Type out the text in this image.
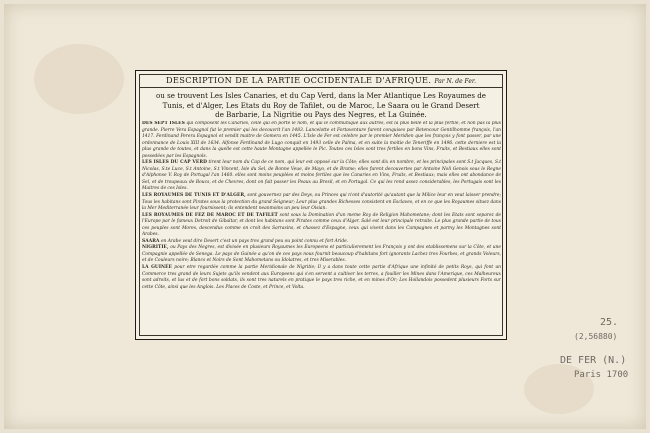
DESCRIPTION DE LA PARTIE OCCIDENTALE D'AFRIQUE. Par N. de Fer.
ou se trouvent Les Isles Canaries, et du Cap Verd, dans la Mer Atlantique Les Royaumes de
Tunis, et d'Alger, Les Etats du Roy de Tafilet, ou de Maroc, Le Saara ou le Grand Desert
de Barbarie, La Nigritie ou Pays des Negres, et La Guinée.

DES SEPT ISLES qui composent les Canaries, celle qui en porte le nom, et qui le communique aux autres, est la plus belle et la plus fertile, et non pas la plus grande. Pierre Vera Espagnol fut le premier qui les decouvrit l'an 1483. Lancelotte et Fortaventure furent conquises par Betencour Gentilhomme françois, l'an 1417. Ferdinand Perera Espagnol et vendit maitre de Gomera en 1445. L'Isle de Fer est celebre par le premier Meridien que les françois y font passer, par une ordonnance de Louis XIII de 1634. Alfonse Ferdinand de Lugo conquit en 1493 celle de Palma, et en suite la moitie de Teneriffe en 1496. cette derniere est la plus grande de toutes, et dans la quelle est cette haute Montagne appellée le Pic. Toutes ces Isles sont tres fertiles en bons Vins, Fruits, et Bestiaux elles sont possedées par les Espagnols.

LES ISLES DU CAP VERD tirent leur nom du Cap de ce nom, qui leur est opposé sur la Côte; elles sont dix en nombre, et les principales sont S.t Jacques, S.t Nicolas, S.te Luce, S.t Antoine, S.t Vincent, Isle du Sel, de Bonne Veue, de Mayo, et de Brame; elles furent decouvertes par Antoine Noli Genois sous le Regne d'Alphonse V. Roy de Portugal l'an 1460. elles sont moins peuplées et moins fertiles que les Canaries en Vins, Fruits, et Bestiaux; mais elles ont abondance de Sel, et de troupeaux de Boucs, et de Chevres, dont on fait passer les Peaux au Bresil, et en Portugal. Ce qui les rend assez considerables, les Portugais sont les Maitres de ces Isles.

LES ROYAUMES DE TUNIS ET D'ALGER, sont gouvernez par des Deys, ou Princes qui n'ont d'autorité qu'autant que la Milice leur en veut laisser prendre; Tous les habitans sont Pirates sous la protection du grand Seigneur; Leur plus grandes Richesses consistent en Esclaves, et en ce que les Royaumes situez dans la Mer Mediterranée leur fournissent; ils entendent neanmoins un peu leur Oisian.

LES ROYAUMES DE FEZ DE MAROC ET DE TAFILET sont sous la Domination d'un meme Roy de Religion Mahometane; dont les Etats sont separez de l'Europe par le fameux Detroit de Gibaltar, et dont les habitans sont Pirates comme ceux d'Alger. Salé est leur principale retraite. Le plus grande partie de tous ces peuples sont Mores, descendus comme on croit des Sarrasins, et chassez d'Espagne, ceux qui vivent dans les Campagnes et parmy les Montagnes sont Arabes.

SAARA en Arabe veut dire Desert c'est un pays tres grand peu ou point connu et fort Aride.

NIGRITIE, ou Pays des Negres, est divisée en plusieurs Royaumes les Europeens et particulierement les François y ont des etablissemens sur la Côte, et une Compagnie appellée de Senega. Le pays de Guinée a qu'on de ces pays nous fournit beaucoup d'habitans fort ignorants Lachez tres Fourbes, et grands Voleurs, et de Couleurs noire; Blancs et Noirs de Sont Mahometans ou Idolatres, et tres Miserables.

LA GUINÉE pour etre regardée comme la partie Meridionale de Nigritie; Il y a dans toute cette partie d'Afrique une infinité de petits Roys, qui font un Commerce tres grand de leurs Sujets qu'ils vendent aux Europeens qui s'en servent a cultiver les terres, a fouiller les Mines dans l'Amerique, ces Malheureux sont adroits, et lus et de fort bons soldats, ils sont tres naturels en pratique le pays tres riche, et en mines d'Or; Les Hollandois possedent plusieurs Forts sur cette Côte, ainsi que les Anglois. Les Places de Coste, et Prince, et Volta.

25.
(2,56880)
DE FER (N.)
Paris 1700
